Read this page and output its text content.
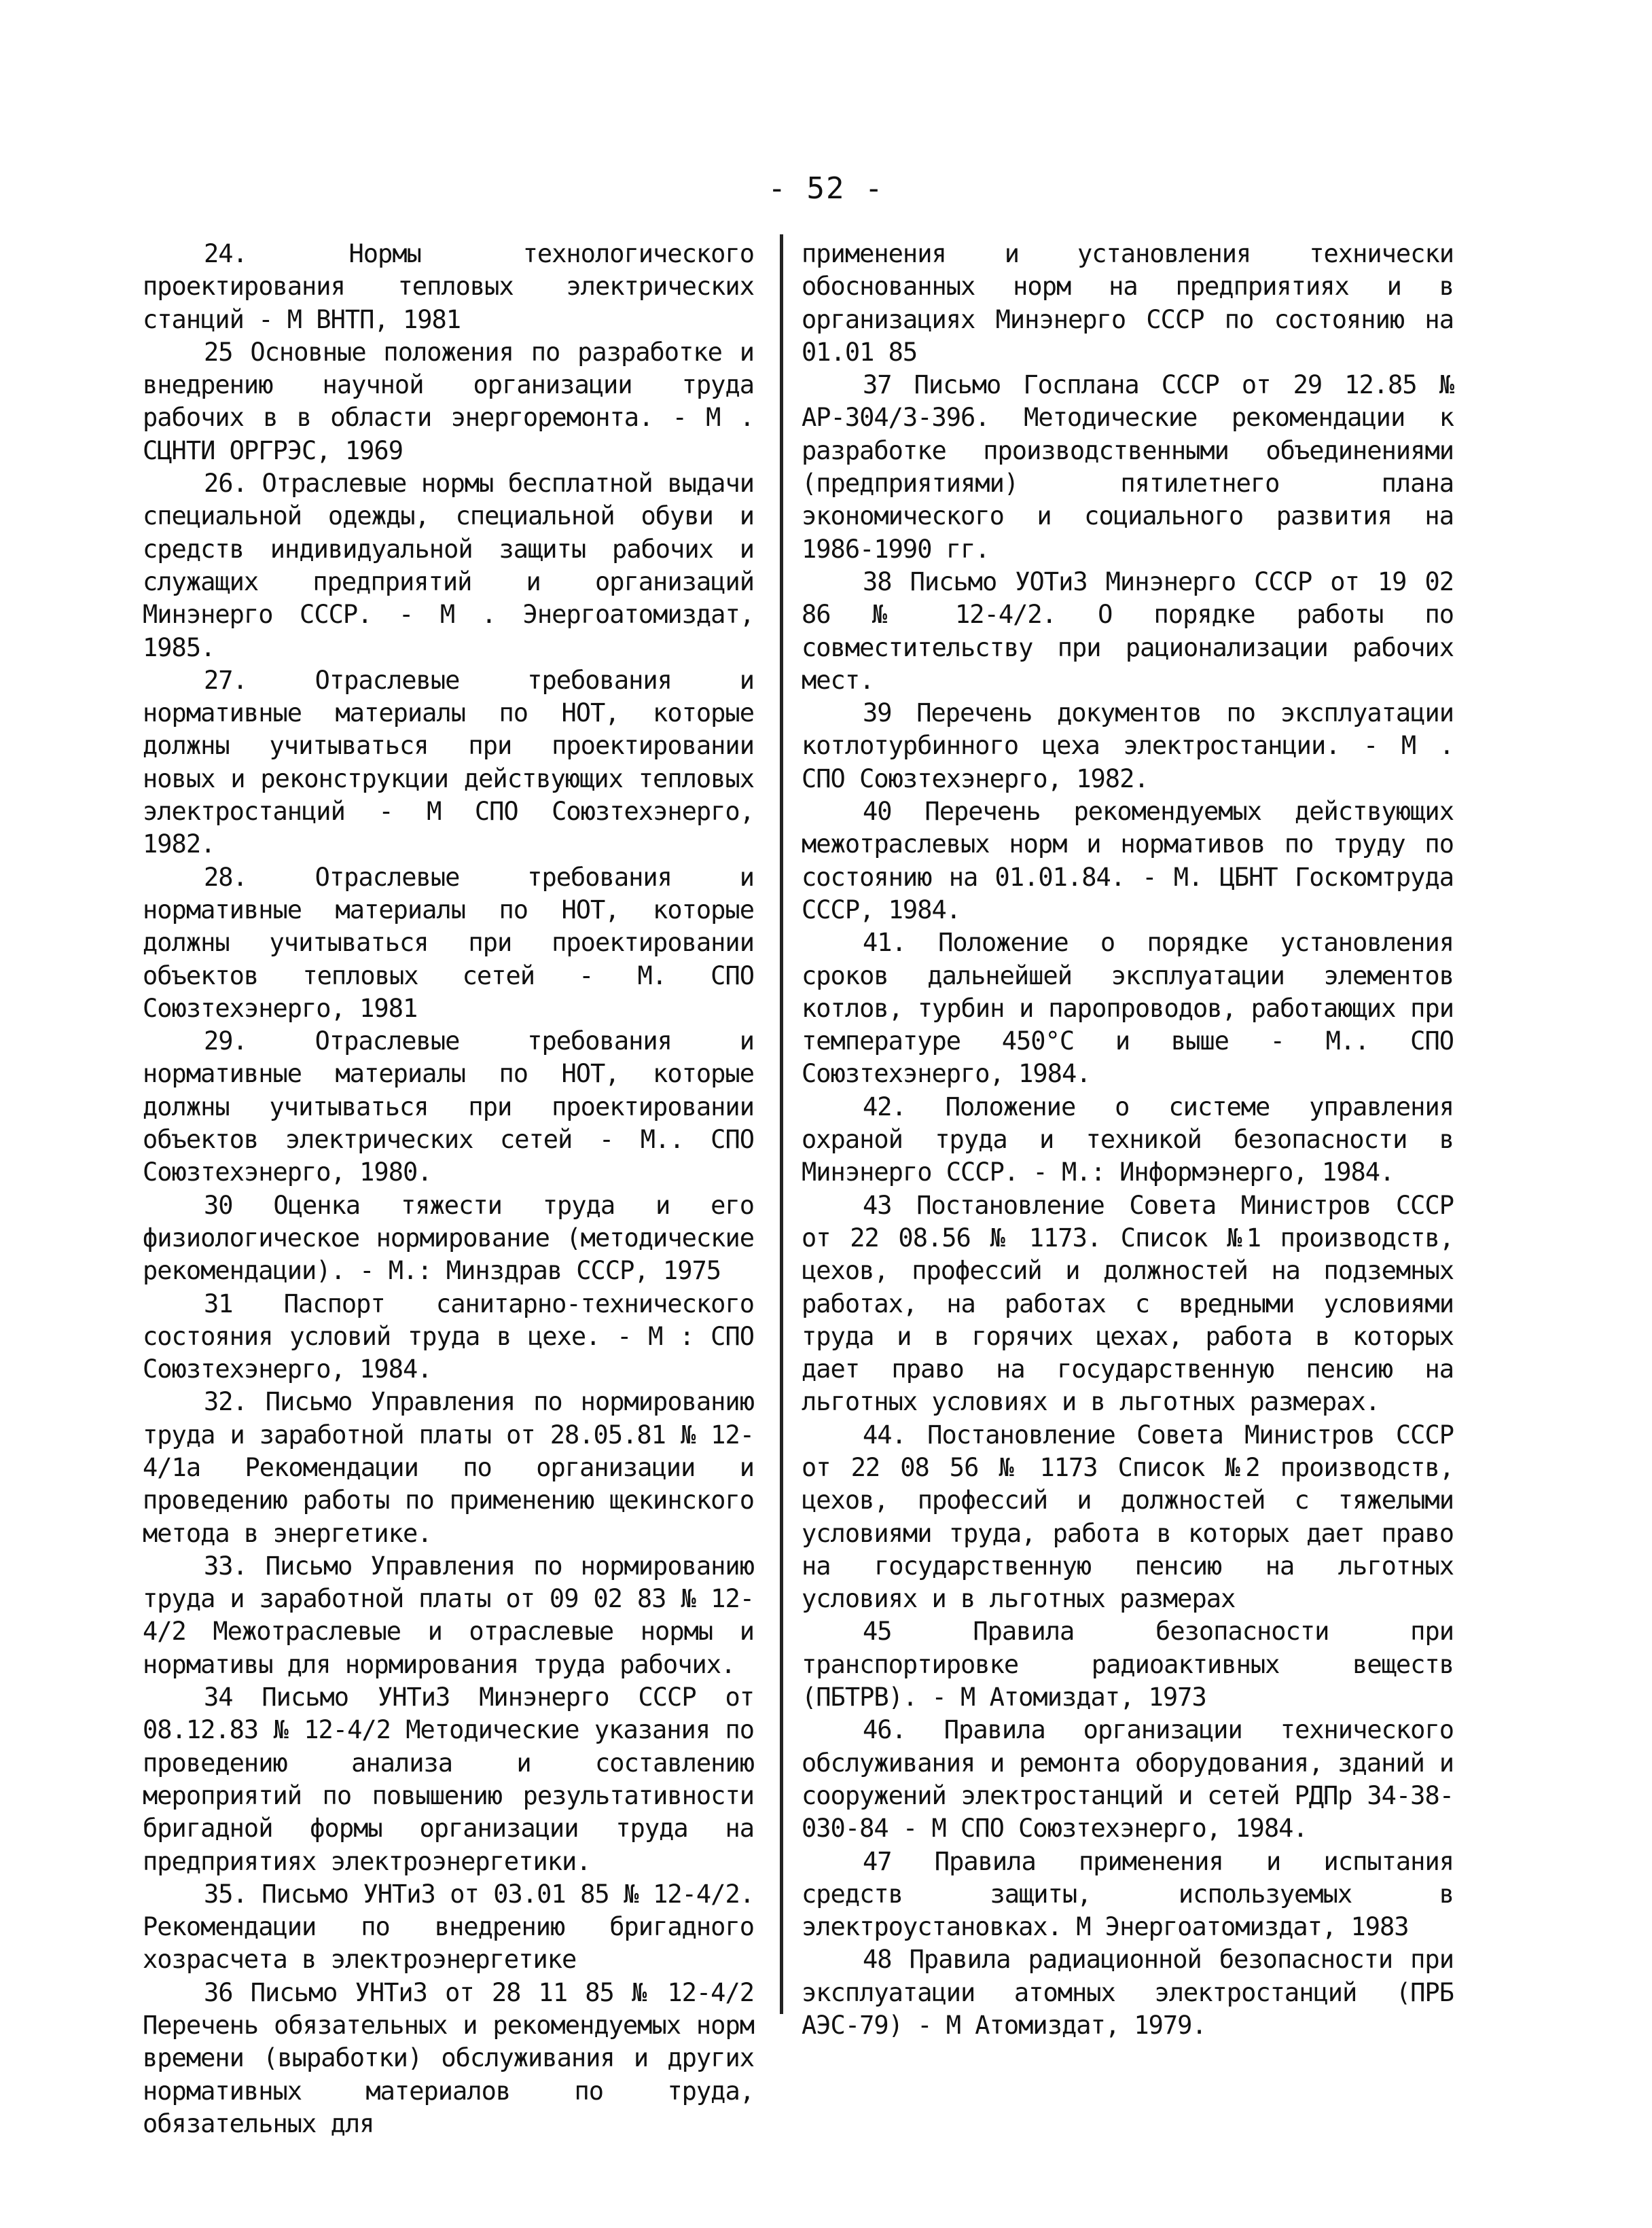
- 52 -

24. Нормы технологического проектирования тепловых электрических станций - М ВНТП, 1981

25 Основные положения по разработке и внедрению научной организации труда рабочих в в области энергоремонта. - М . СЦНТИ ОРГРЭС, 1969

26. Отраслевые нормы бесплатной выдачи специальной одежды, специальной обуви и средств индивидуальной защиты рабочих и служащих предприятий и организаций Минэнерго СССР. - М . Энергоатомиздат, 1985.

27. Отраслевые требования и нормативные материалы по НОТ, которые должны учитываться при проектировании новых и реконструкции действующих тепловых электростанций - М СПО Союзтехэнерго, 1982.

28. Отраслевые требования и нормативные материалы по НОТ, которые должны учитываться при проектировании объектов тепловых сетей - М. СПО Союзтехэнерго, 1981

29. Отраслевые требования и нормативные материалы по НОТ, которые должны учитываться при проектировании объектов электрических сетей - М.. СПО Союзтехэнерго, 1980.

30 Оценка тяжести труда и его физиологическое нормирование (методические рекомендации). - М.: Минздрав СССР, 1975

31 Паспорт санитарно-технического состояния условий труда в цехе. - М : СПО Союзтехэнерго, 1984.

32. Письмо Управления по нормированию труда и заработной платы от 28.05.81 № 12-4/1а Рекомендации по организации и проведению работы по применению щекинского метода в энергетике.

33. Письмо Управления по нормированию труда и заработной платы от 09 02 83 № 12-4/2 Межотраслевые и отраслевые нормы и нормативы для нормирования труда рабочих.

34 Письмо УНТиЗ Минэнерго СССР от 08.12.83 № 12-4/2 Методические указания по проведению анализа и составлению мероприятий по повышению результативности бригадной формы организации труда на предприятиях электроэнергетики.

35. Письмо УНТиЗ от 03.01 85 № 12-4/2. Рекомендации по внедрению бригадного хозрасчета в электроэнергетике

36 Письмо УНТиЗ от 28 11 85 № 12-4/2 Перечень обязательных и рекомендуемых норм времени (выработки) обслуживания и других нормативных материалов по труда, обязательных для

применения и установления технически обоснованных норм на предприятиях и в организациях Минэнерго СССР по состоянию на 01.01 85

37 Письмо Госплана СССР от 29 12.85 № АР-304/3-396. Методические рекомендации к разработке производственными объединениями (предприятиями) пятилетнего плана экономического и социального развития на 1986-1990 гг.

38 Письмо УОТиЗ Минэнерго СССР от 19 02 86 № 12-4/2. О порядке работы по совместительству при рационализации рабочих мест.

39 Перечень документов по эксплуатации котлотурбинного цеха электростанции. - М . СПО Союзтехэнерго, 1982.

40 Перечень рекомендуемых действующих межотраслевых норм и нормативов по труду по состоянию на 01.01.84. - М. ЦБНТ Госкомтруда СССР, 1984.

41. Положение о порядке установления сроков дальнейшей эксплуатации элементов котлов, турбин и паропроводов, работающих при температуре 450°С и выше - М.. СПО Союзтехэнерго, 1984.

42. Положение о системе управления охраной труда и техникой безопасности в Минэнерго СССР. - М.: Информэнерго, 1984.

43 Постановление Совета Министров СССР от 22 08.56 № 1173. Список №1 производств, цехов, профессий и должностей на подземных работах, на работах с вредными условиями труда и в горячих цехах, работа в которых дает право на государственную пенсию на льготных условиях и в льготных размерах.

44. Постановление Совета Министров СССР от 22 08 56 № 1173 Список №2 производств, цехов, профессий и должностей с тяжелыми условиями труда, работа в которых дает право на государственную пенсию на льготных условиях и в льготных размерах

45 Правила безопасности при транспортировке радиоактивных веществ (ПБТРВ). - М Атомиздат, 1973

46. Правила организации технического обслуживания и ремонта оборудования, зданий и сооружений электростанций и сетей РДПр 34-38-030-84 - М СПО Союзтехэнерго, 1984.

47 Правила применения и испытания средств защиты, используемых в электроустановках. М Энергоатомиздат, 1983

48 Правила радиационной безопасности при эксплуатации атомных электростанций (ПРБ АЭС-79) - М Атомиздат, 1979.
